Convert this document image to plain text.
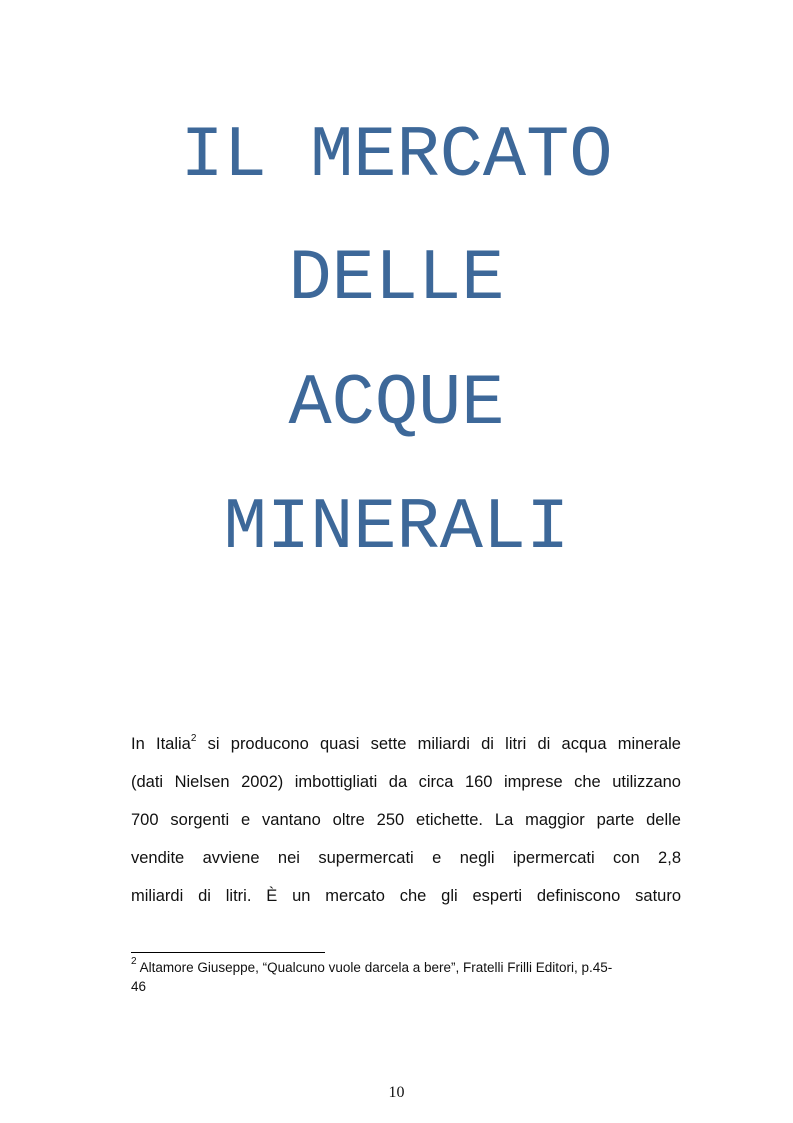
IL MERCATO
DELLE
ACQUE
MINERALI
In Italia$^2$ si producono quasi sette miliardi di litri di acqua minerale
(dati Nielsen 2002) imbottigliati da circa 160 imprese che utilizzano
700 sorgenti e vantano oltre 250 etichette. La maggior parte delle
vendite avviene nei supermercati e negli ipermercati con 2,8
miliardi di litri. È un mercato che gli esperti definiscono saturo
$^2$ Altamore Giuseppe, “Qualcuno vuole darcela a bere”, Fratelli Frilli Editori, p.45-
46
10
